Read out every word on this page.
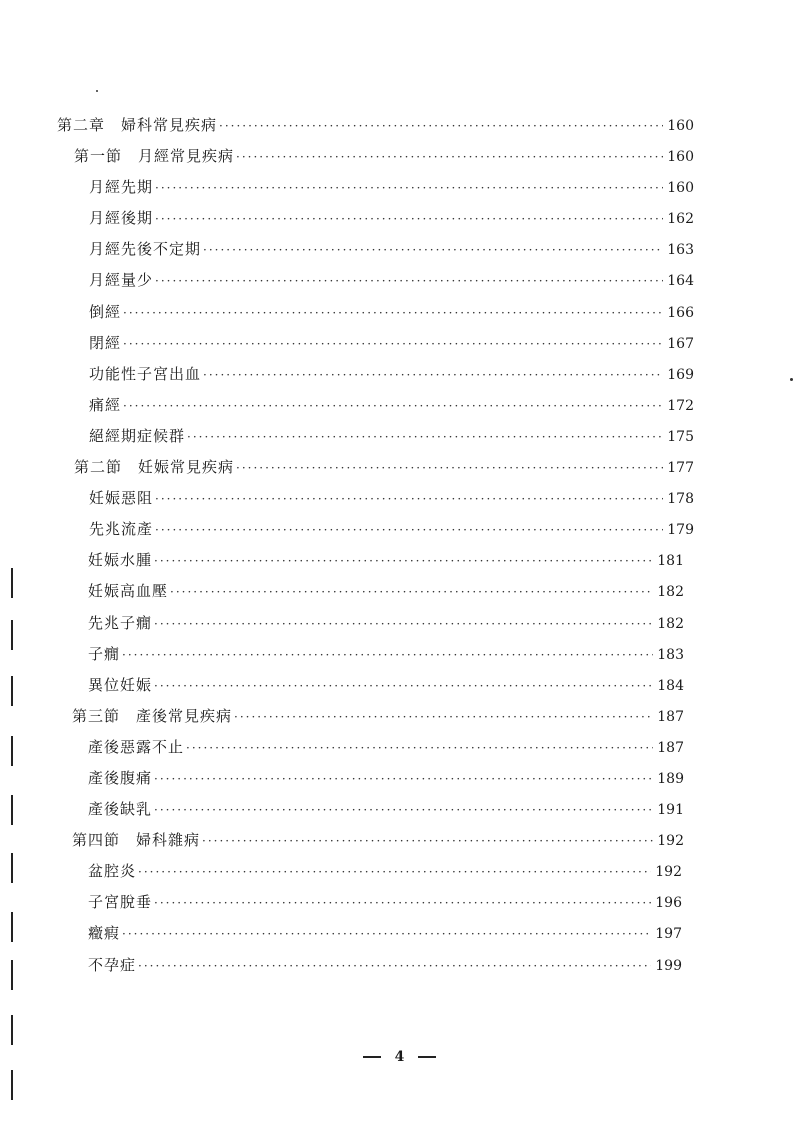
第二章　婦科常見疾病 ·····	160
第一節　月經常見疾病 ·····	160
月經先期 ·····	160
月經後期 ·····	162
月經先後不定期 ·····	163
月經量少 ·····	164
倒經 ·····	166
閉經 ·····	167
功能性子宮出血 ·····	169
痛經 ·····	172
絕經期症候群 ·····	175
第二節　妊娠常見疾病 ·····	177
妊娠惡阻 ·····	178
先兆流產 ·····	179
妊娠水腫 ·····	181
妊娠高血壓 ·····	182
先兆子癇 ·····	182
子癇 ·····	183
異位妊娠 ·····	184
第三節　產後常見疾病 ·····	187
產後惡露不止 ·····	187
產後腹痛 ·····	189
產後缺乳 ·····	191
第四節　婦科雜病 ·····	192
盆腔炎 ·····	192
子宮脫垂 ·····	196
癥瘕 ·····	197
不孕症 ·····	199
4
